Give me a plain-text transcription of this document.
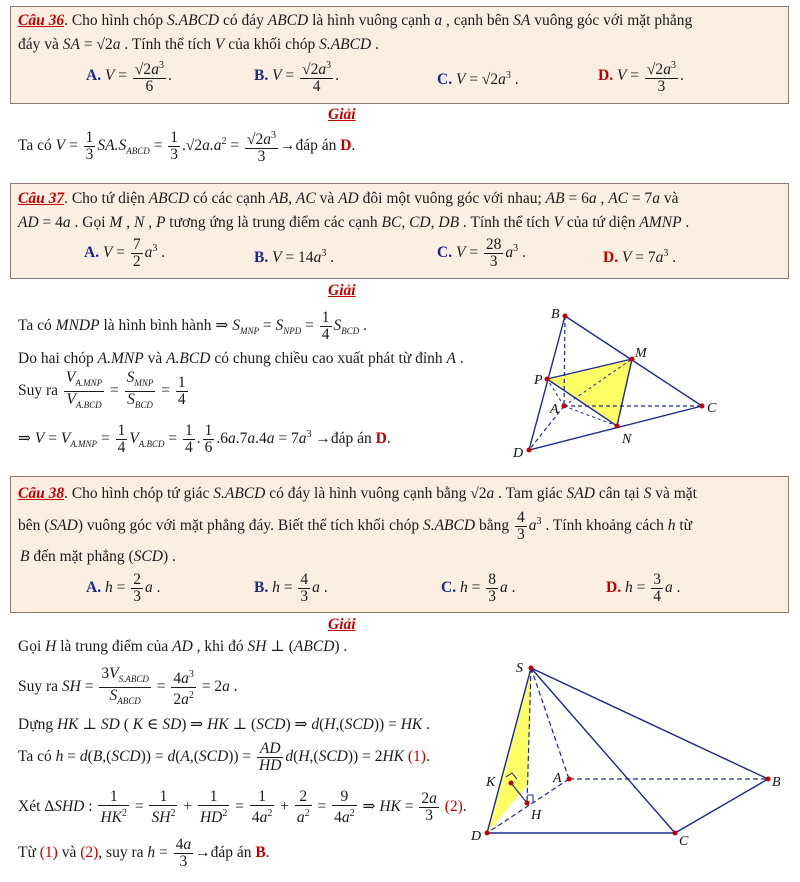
Câu 36. Cho hình chóp S.ABCD có đáy ABCD là hình vuông cạnh a , cạnh bên SA vuông góc với mặt phẳng
đáy và SA = √2a . Tính thể tích V của khối chóp S.ABCD .
A. $V = \frac{√2a^3}{6}$ .	B. $V = \frac{√2a^3}{4}$ .	C. $V = √2a^3$ .	D. $V = \frac{√2a^3}{3}$ .
Giải
Ta có $V = \frac{1}{3} SA.S_{ABCD} = \frac{1}{3} .√2a.a^2 = \frac{√2a^3}{3}$ →đáp án D.
Câu 37. Cho tứ diện ABCD có các cạnh AB, AC và AD đôi một vuông góc với nhau; AB = 6a , AC = 7a và
AD = 4a . Gọi M , N , P tương ứng là trung điểm các cạnh BC, CD, DB . Tính thể tích V của tứ diện AMNP .
A. $V = \frac{7}{2} a^3$ .	B. $V = 14a^3$ .	C. $V = \frac{28}{3} a^3$ .	D. $V = 7a^3$ .
Giải
Ta có MNDP là hình bình hành ⇒ $S_{MNP} = S_{NPD} = \frac{1}{4} S_{BCD}$ .
Do hai chóp A.MNP và A.BCD có chung chiều cao xuất phát từ đỉnh A .
Suy ra $\frac{V_{A.MNP}}{V_{A.BCD}} = \frac{S_{MNP}}{S_{BCD}} = \frac{1}{4}$
⇒ $V = V_{A.MNP} = \frac{1}{4} V_{A.BCD} = \frac{1}{4}$ . $\frac{1}{6} .6a.7a.4a = 7a^3$ →đáp án D.
B
M
P
A	C
N
D
Câu 38. Cho hình chóp tứ giác S.ABCD có đáy là hình vuông cạnh bằng √2a . Tam giác SAD cân tại S và mặt
bên (SAD) vuông góc với mặt phẳng đáy. Biết thể tích khối chóp S.ABCD bằng $\frac{4}{3} a^3$ . Tính khoảng cách h từ
B đến mặt phẳng (SCD) .
A. $h = \frac{2}{3}$ a .	B. $h = \frac{4}{3}$ a .	C. $h = \frac{8}{3}$ a .	D. $h = \frac{3}{4}$ a .
Giải
Gọi H là trung điểm của AD , khi đó SH ⊥ (ABCD) .
Suy ra SH = $\frac{3V_{S.ABCD}}{S_{ABCD}} = \frac{4a^3}{2a^2} = 2a$ .
Dựng HK ⊥ SD ( K ∈ SD) ⇒ HK ⊥ (SCD) ⇒ d(H,(SCD)) = HK .
Ta có $h = d(B,(SCD)) = d(A,(SCD)) = \frac{AD}{HD} d(H,(SCD)) = 2HK$ (1).
Xét ΔSHD : $\frac{1}{HK^2} = \frac{1}{SH^2} + \frac{1}{HD^2} = \frac{1}{4a^2} + \frac{2}{a^2} = \frac{9}{4a^2}$ ⇒ HK = $\frac{2a}{3} (2)$.
Từ (1) và (2), suy ra $h = \frac{4a}{3}$ →đáp án B.
S
A	B
K
H
D	C
